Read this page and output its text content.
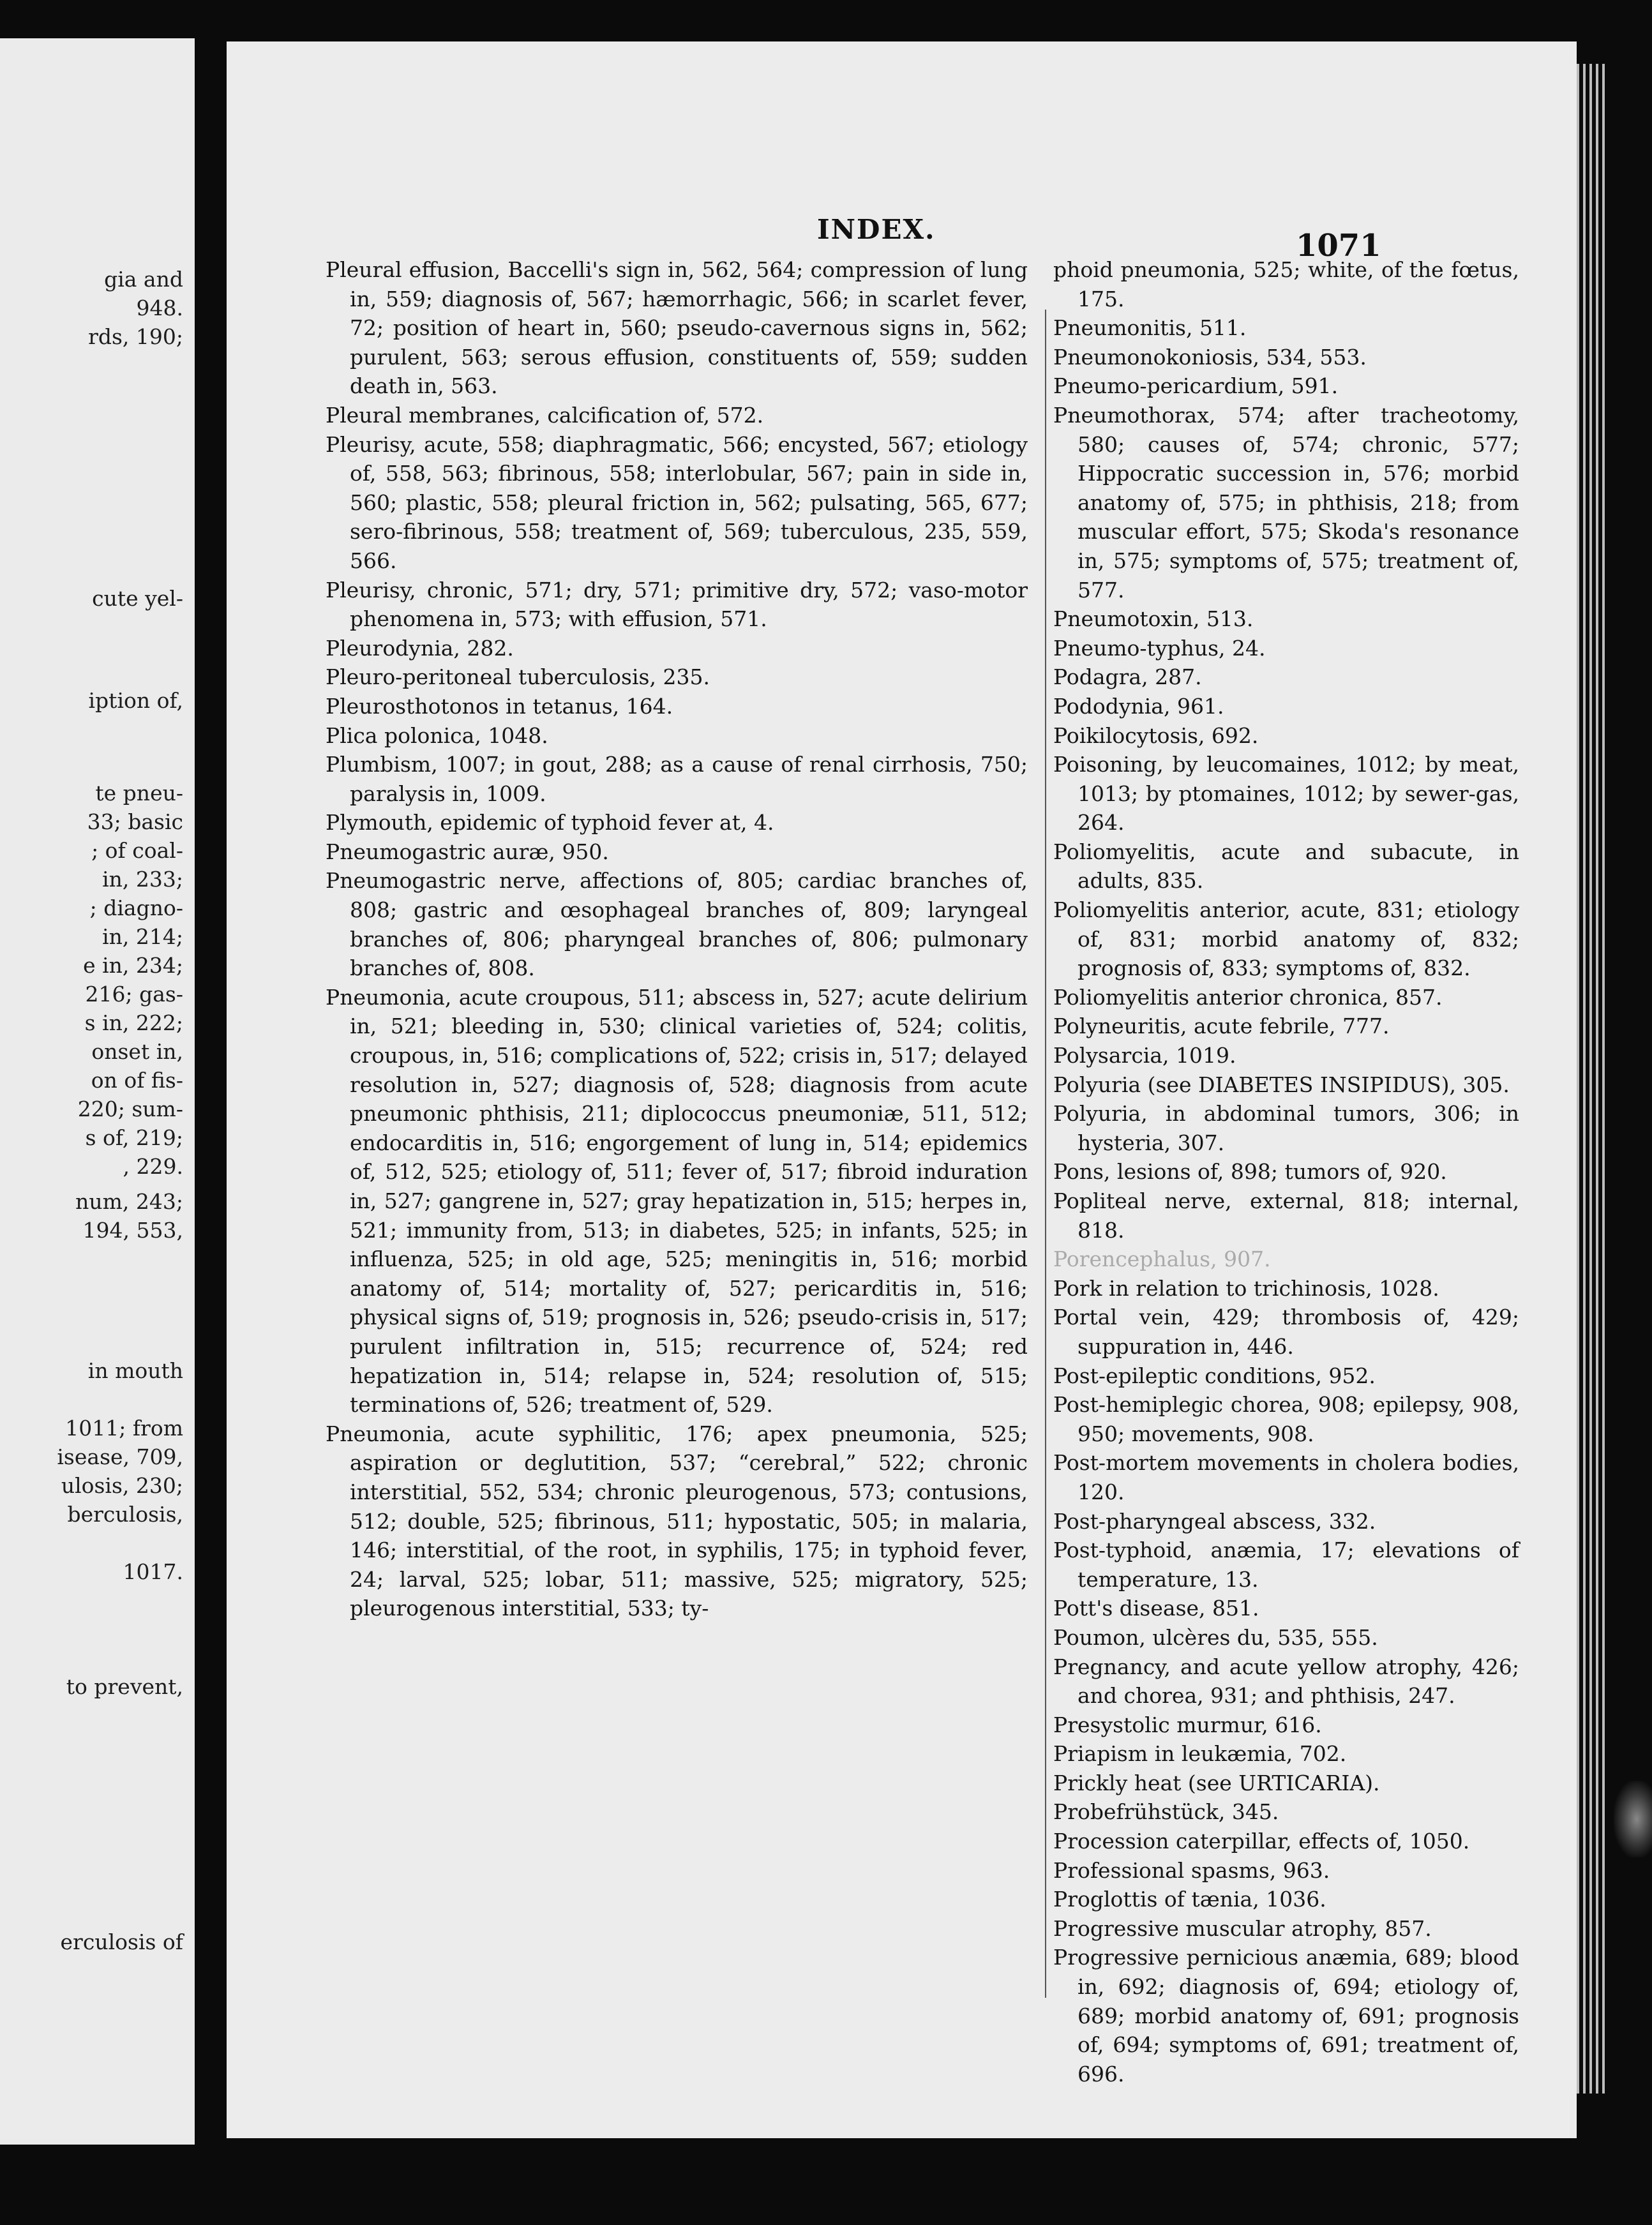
gia and
948.
rds, 190;
cute yel-
iption of,
te pneu-
33; basic
; of coal-
in, 233;
; diagno-
in, 214;
e in, 234;
216; gas-
s in, 222;
onset in,
on of fis-
220; sum-
s of, 219;
, 229.
num, 243;
194, 553,
in mouth
1011; from
isease, 709,
ulosis, 230;
berculosis,
1017.
to prevent,
erculosis of
INDEX.	1071

Pleural effusion, Baccelli's sign in, 562, 564; compression of lung in, 559; diagnosis of, 567; hæmorrhagic, 566; in scarlet fever, 72; position of heart in, 560; pseudo-cavernous signs in, 562; purulent, 563; serous effusion, constituents of, 559; sudden death in, 563.

Pleural membranes, calcification of, 572.

Pleurisy, acute, 558; diaphragmatic, 566; encysted, 567; etiology of, 558, 563; fibrinous, 558; interlobular, 567; pain in side in, 560; plastic, 558; pleural friction in, 562; pulsating, 565, 677; sero-fibrinous, 558; treatment of, 569; tuberculous, 235, 559, 566.

Pleurisy, chronic, 571; dry, 571; primitive dry, 572; vaso-motor phenomena in, 573; with effusion, 571.

Pleurodynia, 282.

Pleuro-peritoneal tuberculosis, 235.

Pleurosthotonos in tetanus, 164.

Plica polonica, 1048.

Plumbism, 1007; in gout, 288; as a cause of renal cirrhosis, 750; paralysis in, 1009.

Plymouth, epidemic of typhoid fever at, 4.

Pneumogastric auræ, 950.

Pneumogastric nerve, affections of, 805; cardiac branches of, 808; gastric and œsophageal branches of, 809; laryngeal branches of, 806; pharyngeal branches of, 806; pulmonary branches of, 808.

Pneumonia, acute croupous, 511; abscess in, 527; acute delirium in, 521; bleeding in, 530; clinical varieties of, 524; colitis, croupous, in, 516; complications of, 522; crisis in, 517; delayed resolution in, 527; diagnosis of, 528; diagnosis from acute pneumonic phthisis, 211; diplococcus pneumoniæ, 511, 512; endocarditis in, 516; engorgement of lung in, 514; epidemics of, 512, 525; etiology of, 511; fever of, 517; fibroid induration in, 527; gangrene in, 527; gray hepatization in, 515; herpes in, 521; immunity from, 513; in diabetes, 525; in infants, 525; in influenza, 525; in old age, 525; meningitis in, 516; morbid anatomy of, 514; mortality of, 527; pericarditis in, 516; physical signs of, 519; prognosis in, 526; pseudo-crisis in, 517; purulent infiltration in, 515; recurrence of, 524; red hepatization in, 514; relapse in, 524; resolution of, 515; terminations of, 526; treatment of, 529.

Pneumonia, acute syphilitic, 176; apex pneumonia, 525; aspiration or deglutition, 537; “cerebral,” 522; chronic interstitial, 552, 534; chronic pleurogenous, 573; contusions, 512; double, 525; fibrinous, 511; hypostatic, 505; in malaria, 146; interstitial, of the root, in syphilis, 175; in typhoid fever, 24; larval, 525; lobar, 511; massive, 525; migratory, 525; pleurogenous interstitial, 533; ty-

phoid pneumonia, 525; white, of the fœtus, 175.

Pneumonitis, 511.

Pneumonokoniosis, 534, 553.

Pneumo-pericardium, 591.

Pneumothorax, 574; after tracheotomy, 580; causes of, 574; chronic, 577; Hippocratic succession in, 576; morbid anatomy of, 575; in phthisis, 218; from muscular effort, 575; Skoda's resonance in, 575; symptoms of, 575; treatment of, 577.

Pneumotoxin, 513.

Pneumo-typhus, 24.

Podagra, 287.

Pododynia, 961.

Poikilocytosis, 692.

Poisoning, by leucomaines, 1012; by meat, 1013; by ptomaines, 1012; by sewer-gas, 264.

Poliomyelitis, acute and subacute, in adults, 835.

Poliomyelitis anterior, acute, 831; etiology of, 831; morbid anatomy of, 832; prognosis of, 833; symptoms of, 832.

Poliomyelitis anterior chronica, 857.

Polyneuritis, acute febrile, 777.

Polysarcia, 1019.

Polyuria (see DIABETES INSIPIDUS), 305.

Polyuria, in abdominal tumors, 306; in hysteria, 307.

Pons, lesions of, 898; tumors of, 920.

Popliteal nerve, external, 818; internal, 818.

Porencephalus, 907.

Pork in relation to trichinosis, 1028.

Portal vein, 429; thrombosis of, 429; suppuration in, 446.

Post-epileptic conditions, 952.

Post-hemiplegic chorea, 908; epilepsy, 908, 950; movements, 908.

Post-mortem movements in cholera bodies, 120.

Post-pharyngeal abscess, 332.

Post-typhoid, anæmia, 17; elevations of temperature, 13.

Pott's disease, 851.

Poumon, ulcères du, 535, 555.

Pregnancy, and acute yellow atrophy, 426; and chorea, 931; and phthisis, 247.

Presystolic murmur, 616.

Priapism in leukæmia, 702.

Prickly heat (see URTICARIA).

Probefrühstück, 345.

Procession caterpillar, effects of, 1050.

Professional spasms, 963.

Proglottis of tænia, 1036.

Progressive muscular atrophy, 857.

Progressive pernicious anæmia, 689; blood in, 692; diagnosis of, 694; etiology of, 689; morbid anatomy of, 691; prognosis of, 694; symptoms of, 691; treatment of, 696.
